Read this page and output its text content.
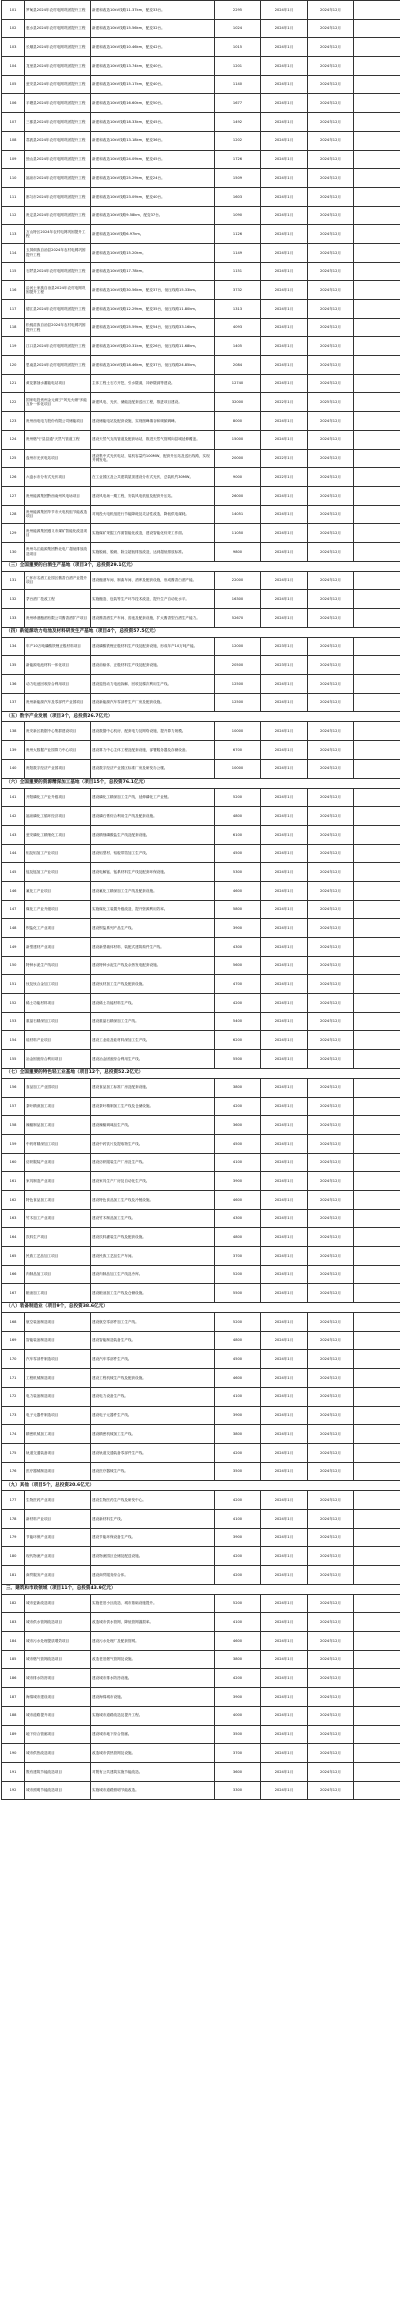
101	罗甸县2024年农村电网巩固提升工程	新建和改造10kV线路11.37km，配变33台。	2295	2024年1月	2024年12月	
102	惠水县2024年农村电网巩固提升工程	新建和改造10kV线路15.56km，配变32台。	1024	2024年1月	2024年12月	
103	长顺县2024年农村电网巩固提升工程	新建和改造10kV线路10.46km，配变42台。	1015	2024年1月	2024年12月	
104	龙里县2024年农村电网巩固提升工程	新建和改造10kV线路13.74km，配变40台。	1201	2024年1月	2024年12月	
105	瓮安县2024年农村电网巩固提升工程	新建和改造10kV线路15.17km，配变40台。	1140	2024年1月	2024年12月	
106	平塘县2024年农村电网巩固提升工程	新建和改造10kV线路16.60km，配变50台。	1677	2024年1月	2024年12月	
107	三都县2024年农村电网巩固提升工程	新建和改造10kV线路18.33km，配变45台。	1492	2024年1月	2024年12月	
108	荔波县2024年农村电网巩固提升工程	新建和改造10kV线路13.18km，配变36台。	1202	2024年1月	2024年12月	
109	独山县2024年农村电网巩固提升工程	新建和改造10kV线路24.09km，配变45台。	1726	2024年1月	2024年12月	
110	福泉市2024年农村电网巩固提升工程	新建和改造10kV线路25.29km，配变24台。	1509	2024年1月	2024年12月	
111	都匀市2024年农村电网巩固提升工程	新建和改造10kV线路23.09km，配变40台。	1603	2024年1月	2024年12月	
112	贵定县2024年农村电网巩固提升工程	新建和改造10kV线路9.58km，配变37台。	1090	2024年1月	2024年12月	
113	万山特区2024年农村电网巩固提升工程	新建和改造10kV线路6.97km。	1126	2024年1月	2024年12月	
114	玉屏侗族自治县2024年农村电网巩固提升工程	新建和改造10kV线路15.20km。	1149	2024年1月	2024年12月	
115	石阡县2024年农村电网巩固提升工程	新建和改造10kV线路17.78km。	1151	2024年1月	2024年12月	
116	沿河土家族自治县2024年农村电网巩固提升工程	新建和改造10kV线路30.56km，配变37台，低压线路15.33km。	3732	2024年1月	2024年12月	
117	德江县2024年农村电网巩固提升工程	新建和改造10kV线路12.29km，配变35台，低压线路11.80km。	1313	2024年1月	2024年12月	
118	松桃苗族自治县2024年农村电网巩固提升工程	新建和改造10kV线路25.59km，配变54台，低压线路33.16km。	4093	2024年1月	2024年12月	
119	江口县2024年农村电网巩固提升工程	新建和改造10kV线路20.31km，配变26台，低压线路11.68km。	1405	2024年1月	2024年12月	
120	思南县2024年农村电网巩固提升工程	新建和改造10kV线路18.46km，配变37台，低压线路24.85km。	2084	2024年1月	2024年12月	
121	黄花寨抽水蓄能电站项目	主体工程土石方开挖，引水隧洞，冲砂隧洞等建设。	12740	2024年1月	2024年12月	
122	国家电投贵州金元威宁"风光火储"多能互补一体化项目	新建风电、光伏、储能及配套送出工程，推进项目建设。	32000	2022年1月	2025年12月	
123	贵州西电电力股份有限公司储能项目	建设储能电站及配套设施，实现削峰填谷和调频调峰。	8000	2024年1月	2024年12月	
124	贵州燃气"县县通"天然气管道工程	建设天然气支线管道及配套场站，推进天然气管网向县城延伸覆盖。	15000	2024年1月	2024年12月	
125	盘州市光伏电站项目	建设集中式光伏电站，装机容量约100MW，配套升压站及送出线路，实现并网发电。	20000	2022年1月	2024年12月	
126	六盘水市分布式光伏项目	在工业园区及公共建筑屋顶建设分布式光伏，总装机约30MW。	9000	2022年1月	2024年12月	
127	贵州能源集团黔西南州风电场项目	建设风电场一期工程，安装风电机组及配套升压站。	26000	2024年1月	2024年12月	
128	贵州能源集团毕节市火电机组节能改造项目	对现役火电机组进行节能降耗及灵活性改造，降低供电煤耗。	14051	2024年1月	2024年12月	
129	贵州能源集团遵义市煤矿智能化改造项目	实施煤矿采掘工作面智能化改造，建设智能化综采工作面。	11050	2024年1月	2024年12月	
130	贵州乌江能源集团黔北电厂超低排放改造项目	实施脱硫、脱硝、除尘超低排放改造，达到超低排放标准。	9800	2024年1月	2024年12月	
（三）全国重要的白酒生产基地（项目3个，总投资29.1亿元）						
131	仁怀市名酒工业园区酱香白酒产业提升项目	建设酿酒车间、制曲车间、酒库及配套设施，形成酱香白酒产能。	22000	2024年1月	2024年12月	
132	茅台酒厂技改工程	实施酿造、包装等生产环节技术改造，提升生产自动化水平。	16300	2024年1月	2024年12月	
133	贵州珍酒酿酒有限公司酱香酒扩产项目	建设酱香酒生产车间、窖池及配套设施，扩大酱香型白酒生产能力。	52670	2024年1月	2024年12月	
（四）新能源动力电池及材料研发生产基地（项目4个，总投资57.5亿元）						
134	年产10万吨磷酸铁锂正极材料项目	建设磷酸铁锂正极材料生产线及配套设施，形成年产10万吨产能。	12000	2023年1月	2024年12月	
135	新能源电池材料一体化项目	建设前驱体、正极材料生产线及配套设施。	20500	2023年1月	2024年12月	
136	动力电池回收综合利用项目	建设退役动力电池拆解、回收及梯次利用生产线。	12500	2024年1月	2024年12月	
137	贵州新能源汽车及零部件产业园项目	建设新能源汽车零部件生产厂房及配套设施。	12500	2024年1月	2024年12月	
（五）数字产业发展（项目3个，总投资26.7亿元）						
138	贵安新区数据中心集群建设项目	建设数据中心机房、配套电力及网络设施，提升算力规模。	10000	2024年1月	2024年12月	
139	贵州大数据产业园算力中心项目	建设算力中心主体工程及配套设施，部署服务器及存储设备。	6700	2024年1月	2024年12月	
140	贵阳数字经济产业园项目	建设数字经济产业园区标准厂房及研发办公楼。	10000	2024年1月	2024年12月	
（六）全国重要的资源精深加工基地（项目15个，总投资76.1亿元）						
141	开阳磷化工产业升级项目	建设磷化工精深加工生产线，延伸磷化工产业链。	5200	2024年1月	2024年12月	
142	福泉磷化工循环经济项目	建设磷石膏综合利用生产线及配套设施。	4800	2024年1月	2024年12月	
143	瓮安磷化工精细化工项目	建设精细磷酸盐生产线及配套设施。	6100	2024年1月	2024年12月	
144	铝及铝加工产业项目	建设铝型材、铝板带箔加工生产线。	4500	2024年1月	2024年12月	
145	锰及锰加工产业项目	建设电解锰、锰系材料生产线及配套环保设施。	5300	2024年1月	2024年12月	
146	氟化工产业项目	建设氟化工精深加工生产线及配套设施。	4600	2024年1月	2024年12月	
147	煤化工产业升级项目	实施煤化工装置升级改造，提升资源利用效率。	5800	2024年1月	2024年12月	
148	钡盐化工产业项目	建设钡盐系列产品生产线。	3900	2024年1月	2024年12月	
149	新型建材产业项目	建设新型墙体材料、装配式建筑构件生产线。	4300	2024年1月	2024年12月	
150	特种水泥生产线项目	建设特种水泥生产线及余热发电配套设施。	5600	2024年1月	2024年12月	
151	钛及钛合金加工项目	建设钛材加工生产线及配套设施。	4700	2024年1月	2024年12月	
152	稀土功能材料项目	建设稀土功能材料生产线。	4200	2024年1月	2024年12月	
153	重晶石精深加工项目	建设重晶石精深加工生产线。	5400	2024年1月	2024年12月	
154	硅材料产业项目	建设工业硅及硅材料深加工生产线。	6200	2024年1月	2024年12月	
155	冶金固废综合利用项目	建设冶金固废综合利用生产线。	5500	2024年1月	2024年12月	
（七）全国重要的特色轻工业基地（项目12个，总投资52.2亿元）						
156	食品加工产业园项目	建设食品加工标准厂房及配套设施。	3800	2024年1月	2024年12月	
157	茶叶精深加工项目	建设茶叶精制加工生产线及仓储设施。	4200	2024年1月	2024年12月	
158	辣椒制品加工项目	建设辣椒调味品生产线。	3600	2024年1月	2024年12月	
159	中药材精深加工项目	建设中药饮片及提取物生产线。	4500	2024年1月	2024年12月	
160	纺织服装产业项目	建设纺织服装生产厂房及生产线。	4100	2024年1月	2024年12月	
161	家具制造产业项目	建设家具生产厂房及自动化生产线。	3900	2024年1月	2024年12月	
162	特色食品加工项目	建设特色食品加工生产线及冷链设施。	4600	2024年1月	2024年12月	
163	竹木加工产业项目	建设竹木制品加工生产线。	4300	2024年1月	2024年12月	
164	饮料生产项目	建设饮料灌装生产线及配套设施。	4800	2024年1月	2024年12月	
165	民族工艺品加工项目	建设民族工艺品生产车间。	3700	2024年1月	2024年12月	
166	肉制品加工项目	建设肉制品加工生产线及冷库。	5200	2024年1月	2024年12月	
167	粮油加工项目	建设粮油加工生产线及仓储设施。	5500	2024年1月	2024年12月	
（八）装备制造业（项目9个，总投资38.6亿元）						
168	航空装备制造项目	建设航空零部件加工生产线。	5200	2024年1月	2024年12月	
169	智能装备制造项目	建设智能制造装备生产线。	4800	2024年1月	2024年12月	
170	汽车零部件制造项目	建设汽车零部件生产线。	4500	2024年1月	2024年12月	
171	工程机械制造项目	建设工程机械生产线及配套设施。	4600	2024年1月	2024年12月	
172	电力装备制造项目	建设电力设备生产线。	4100	2024年1月	2024年12月	
173	电子元器件制造项目	建设电子元器件生产线。	3900	2024年1月	2024年12月	
174	精密机械加工项目	建设精密机械加工生产线。	3800	2024年1月	2024年12月	
175	轨道交通装备项目	建设轨道交通装备零部件生产线。	4200	2024年1月	2024年12月	
176	医疗器械制造项目	建设医疗器械生产线。	3500	2024年1月	2024年12月	
（九）其他（项目5个，总投资20.6亿元）						
177	生物医药产业项目	建设生物医药生产线及研发中心。	4200	2024年1月	2024年12月	
178	新材料产业项目	建设新材料生产线。	4100	2024年1月	2024年12月	
179	节能环保产业项目	建设节能环保设备生产线。	3900	2024年1月	2024年12月	
180	现代物流产业项目	建设物流园区仓储及配送设施。	4200	2024年1月	2024年12月	
181	商贸服务产业项目	建设商贸服务综合体。	4200	2024年1月	2024年12月	
三、建筑和市政领域（项目11个，总投资43.9亿元）						
182	城市更新改造项目	实施老旧小区改造、城市基础设施提升。	5200	2024年1月	2024年12月	
183	城市供水管网改造项目	改造城市供水管网，降低管网漏损率。	4100	2024年1月	2024年12月	
184	城市污水处理提质增效项目	建设污水处理厂及配套管网。	4600	2024年1月	2024年12月	
185	城市燃气管网改造项目	改造老旧燃气管网及设施。	3800	2024年1月	2024年12月	
186	城市排水防涝项目	建设城市排水防涝设施。	4200	2024年1月	2024年12月	
187	海绵城市建设项目	建设海绵城市设施。	3900	2024年1月	2024年12月	
188	城市道路提升项目	实施城市道路改造及提升工程。	4000	2024年1月	2024年12月	
189	地下综合管廊项目	建设城市地下综合管廊。	3500	2024年1月	2024年12月	
190	城市供热改造项目	改造城市供热管网及设施。	3700	2024年1月	2024年12月	
191	既有建筑节能改造项目	对既有公共建筑实施节能改造。	3600	2024年1月	2024年12月	
192	城市照明节能改造项目	实施城市道路照明节能改造。	3300	2024年1月	2024年12月	
